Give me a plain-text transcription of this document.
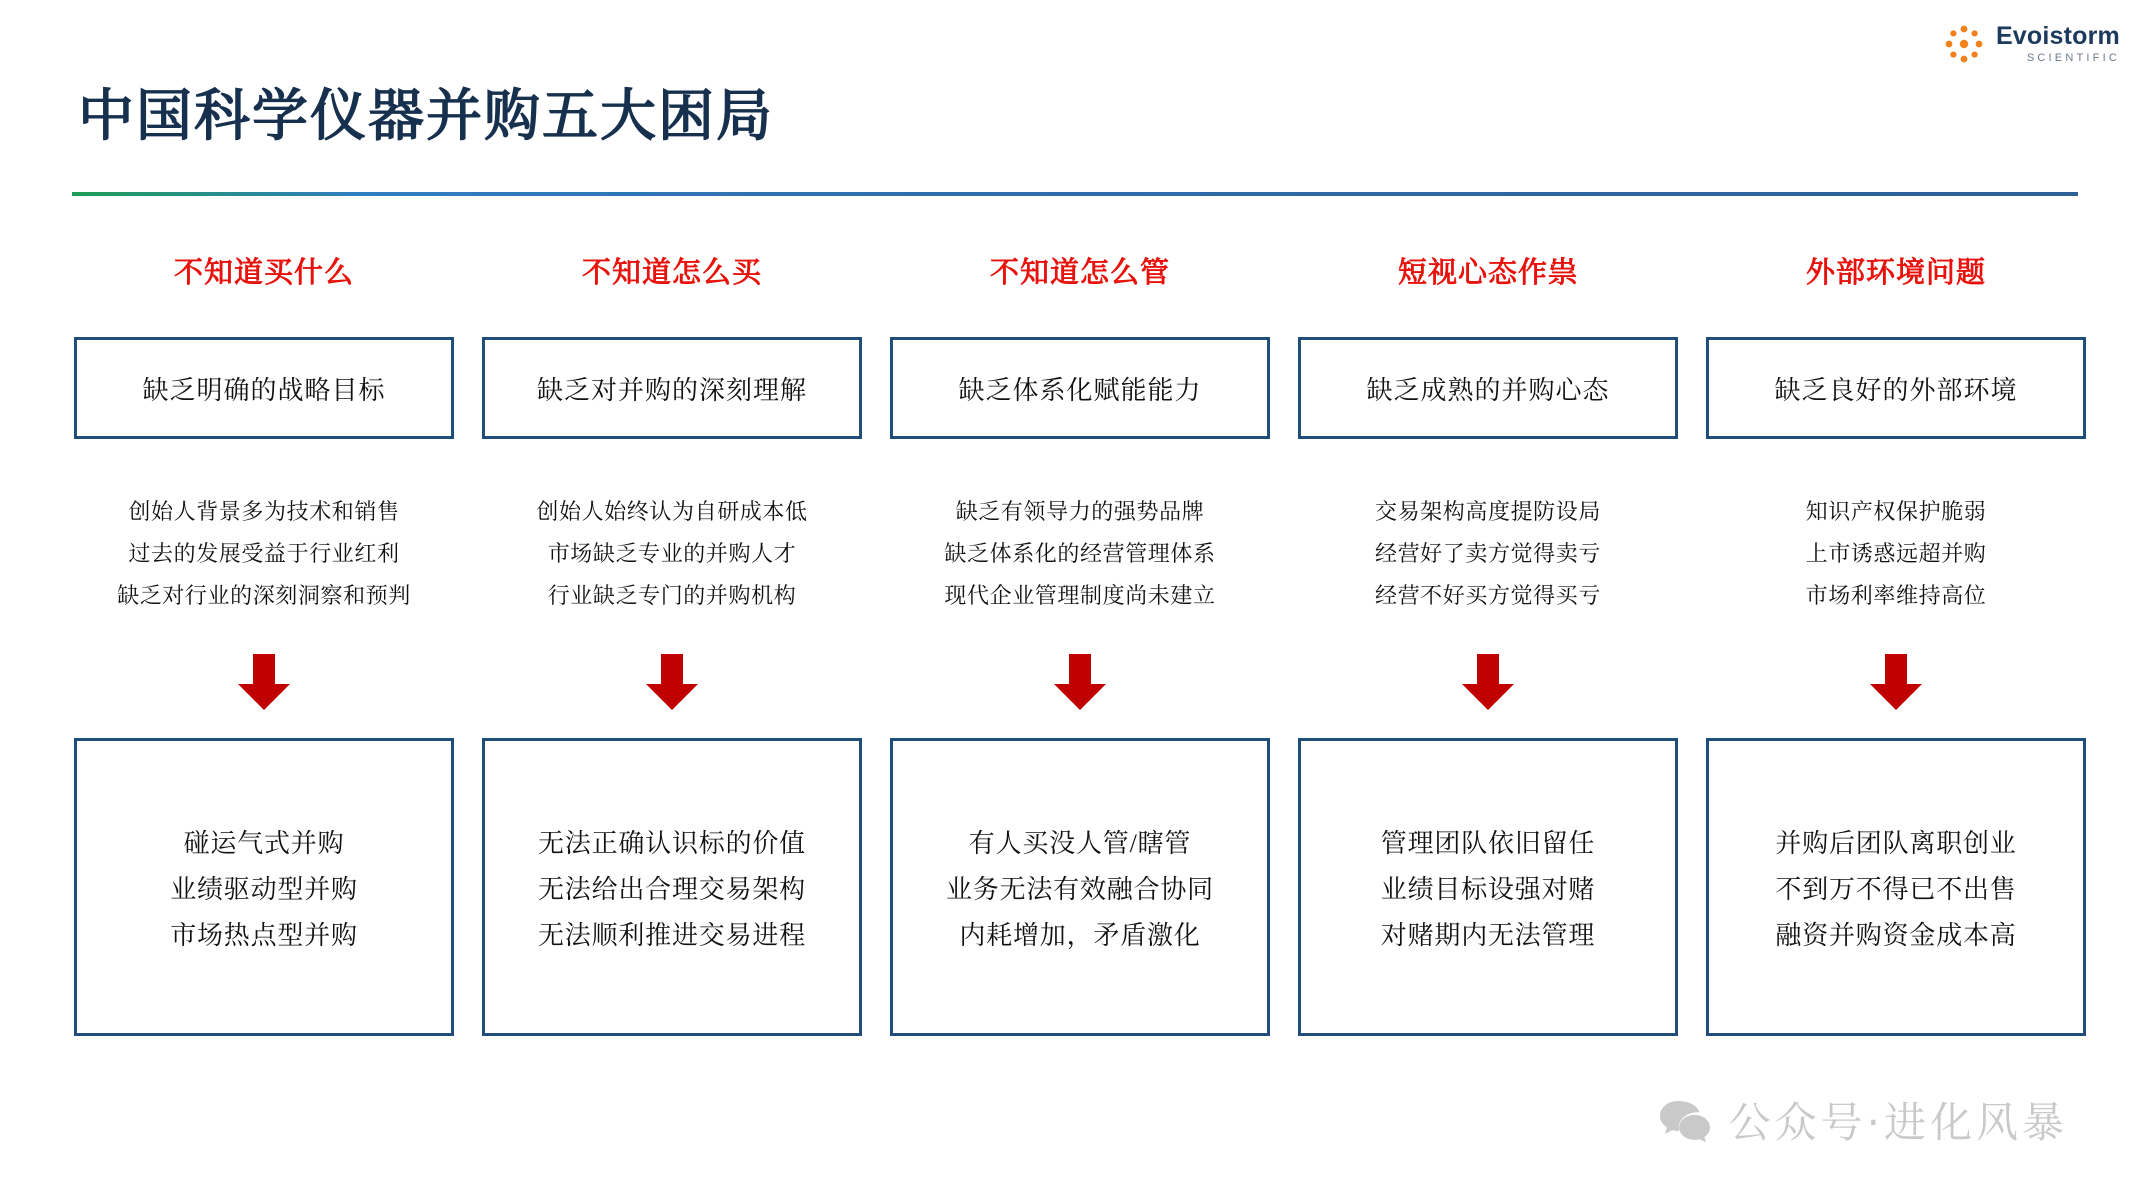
Evoistorm
SCIENTIFIC
中国科学仪器并购五大困局
不知道买什么
缺乏明确的战略目标
创始人背景多为技术和销售
过去的发展受益于行业红利
缺乏对行业的深刻洞察和预判
碰运气式并购
业绩驱动型并购
市场热点型并购
不知道怎么买
缺乏对并购的深刻理解
创始人始终认为自研成本低
市场缺乏专业的并购人才
行业缺乏专门的并购机构
无法正确认识标的价值
无法给出合理交易架构
无法顺利推进交易进程
不知道怎么管
缺乏体系化赋能能力
缺乏有领导力的强势品牌
缺乏体系化的经营管理体系
现代企业管理制度尚未建立
有人买没人管/瞎管
业务无法有效融合协同
内耗增加，矛盾激化
短视心态作祟
缺乏成熟的并购心态
交易架构高度提防设局
经营好了卖方觉得卖亏
经营不好买方觉得买亏
管理团队依旧留任
业绩目标设强对赌
对赌期内无法管理
外部环境问题
缺乏良好的外部环境
知识产权保护脆弱
上市诱惑远超并购
市场利率维持高位
并购后团队离职创业
不到万不得已不出售
融资并购资金成本高
公众号·进化风暴
